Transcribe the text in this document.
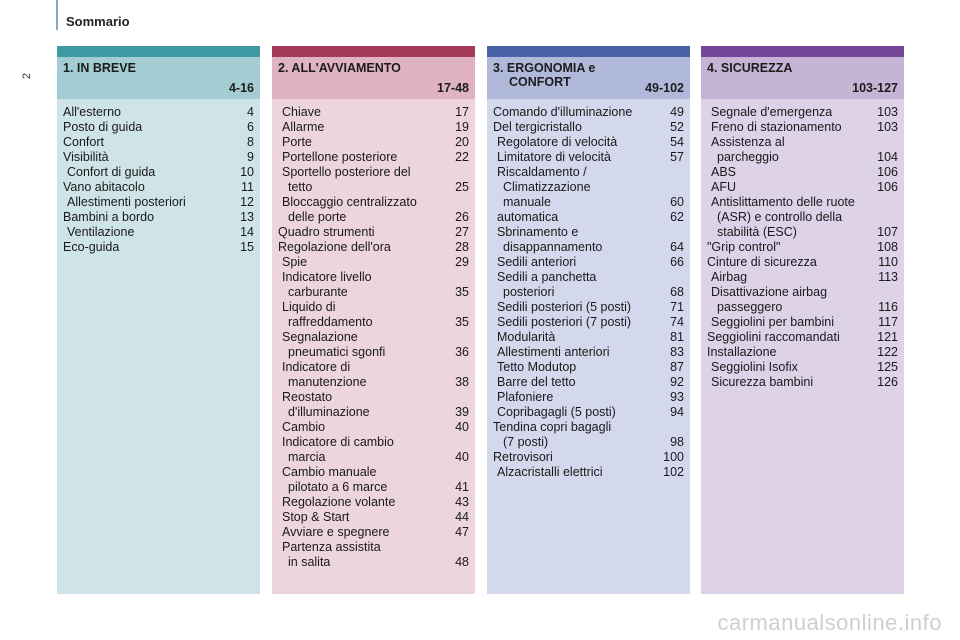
Sommario
2
1. IN BREVE
4-16
All'esterno	4
Posto di guida	6
Confort	8
Visibilità	9
Confort di guida	10
Vano abitacolo	11
Allestimenti posteriori	12
Bambini a bordo	13
Ventilazione	14
Eco-guida	15
2. ALL'AVVIAMENTO
17-48
Chiave	17
Allarme	19
Porte	20
Portellone posteriore	22
Sportello posteriore del
tetto	25
Bloccaggio centralizzato
delle porte	26
Quadro strumenti	27
Regolazione dell'ora	28
Spie	29
Indicatore livello
carburante	35
Liquido di
raffreddamento	35
Segnalazione
pneumatici sgonfi	36
Indicatore di
manutenzione	38
Reostato
d'illuminazione	39
Cambio	40
Indicatore di cambio
marcia	40
Cambio manuale
pilotato a 6 marce	41
Regolazione volante	43
Stop & Start	44
Avviare e spegnere	47
Partenza assistita
in salita	48
3. ERGONOMIA e
CONFORT	49-102
Comando d'illuminazione	49
Del tergicristallo	52
Regolatore di velocità	54
Limitatore di velocità	57
Riscaldamento /
Climatizzazione
manuale	60
automatica	62
Sbrinamento e
disappannamento	64
Sedili anteriori	66
Sedili a panchetta
posteriori	68
Sedili posteriori (5 posti)	71
Sedili posteriori (7 posti)	74
Modularità	81
Allestimenti anteriori	83
Tetto Modutop	87
Barre del tetto	92
Plafoniere	93
Copribagagli (5 posti)	94
Tendina copri bagagli
(7 posti)	98
Retrovisori	100
Alzacristalli elettrici	102
4. SICUREZZA
103-127
Segnale d'emergenza	103
Freno di stazionamento	103
Assistenza al
parcheggio	104
ABS	106
AFU	106
Antislittamento delle ruote
(ASR) e controllo della
stabilità (ESC)	107
"Grip control"	108
Cinture di sicurezza	110
Airbag	113
Disattivazione airbag
passeggero	116
Seggiolini per bambini	117
Seggiolini raccomandati	121
Installazione	122
Seggiolini Isofix	125
Sicurezza bambini	126
carmanualsonline.info
